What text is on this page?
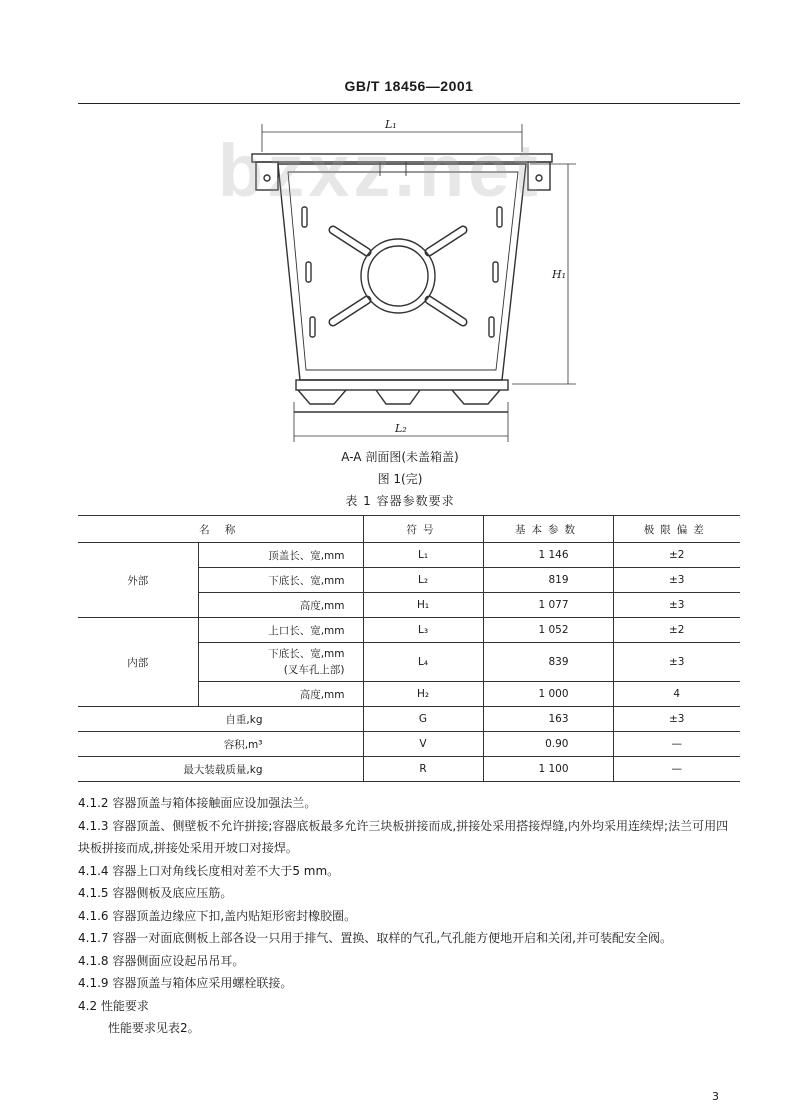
GB/T 18456—2001
L₁
L₂
H₁
bzxz.net
A-A 剖面图(未盖箱盖)
图 1(完)
表 1 容器参数要求
名 称		符号	基本参数	极限偏差
外部	顶盖长、宽,mm	L₁	1 146	±2
	下底长、宽,mm	L₂	819	±3
	高度,mm	H₁	1 077	±3
内部	上口长、宽,mm	L₃	1 052	±2
	下底长、宽,mm
(叉车孔上部)	L₄	839	±3
	高度,mm	H₂	1 000	4
自重,kg		G	163	±3
容积,m³		V	0.90	—
最大装载质量,kg		R	1 100	—

4.1.2 容器顶盖与箱体接触面应设加强法兰。

4.1.3 容器顶盖、侧壁板不允许拼接;容器底板最多允许三块板拼接而成,拼接处采用搭接焊缝,内外均采用连续焊;法兰可用四块板拼接而成,拼接处采用开坡口对接焊。

4.1.4 容器上口对角线长度相对差不大于5 mm。

4.1.5 容器侧板及底应压筋。

4.1.6 容器顶盖边缘应下扣,盖内贴矩形密封橡胶圈。

4.1.7 容器一对面底侧板上部各设一只用于排气、置换、取样的气孔,气孔能方便地开启和关闭,并可装配安全阀。

4.1.8 容器侧面应设起吊吊耳。

4.1.9 容器顶盖与箱体应采用螺栓联接。

4.2 性能要求

性能要求见表2。

3
